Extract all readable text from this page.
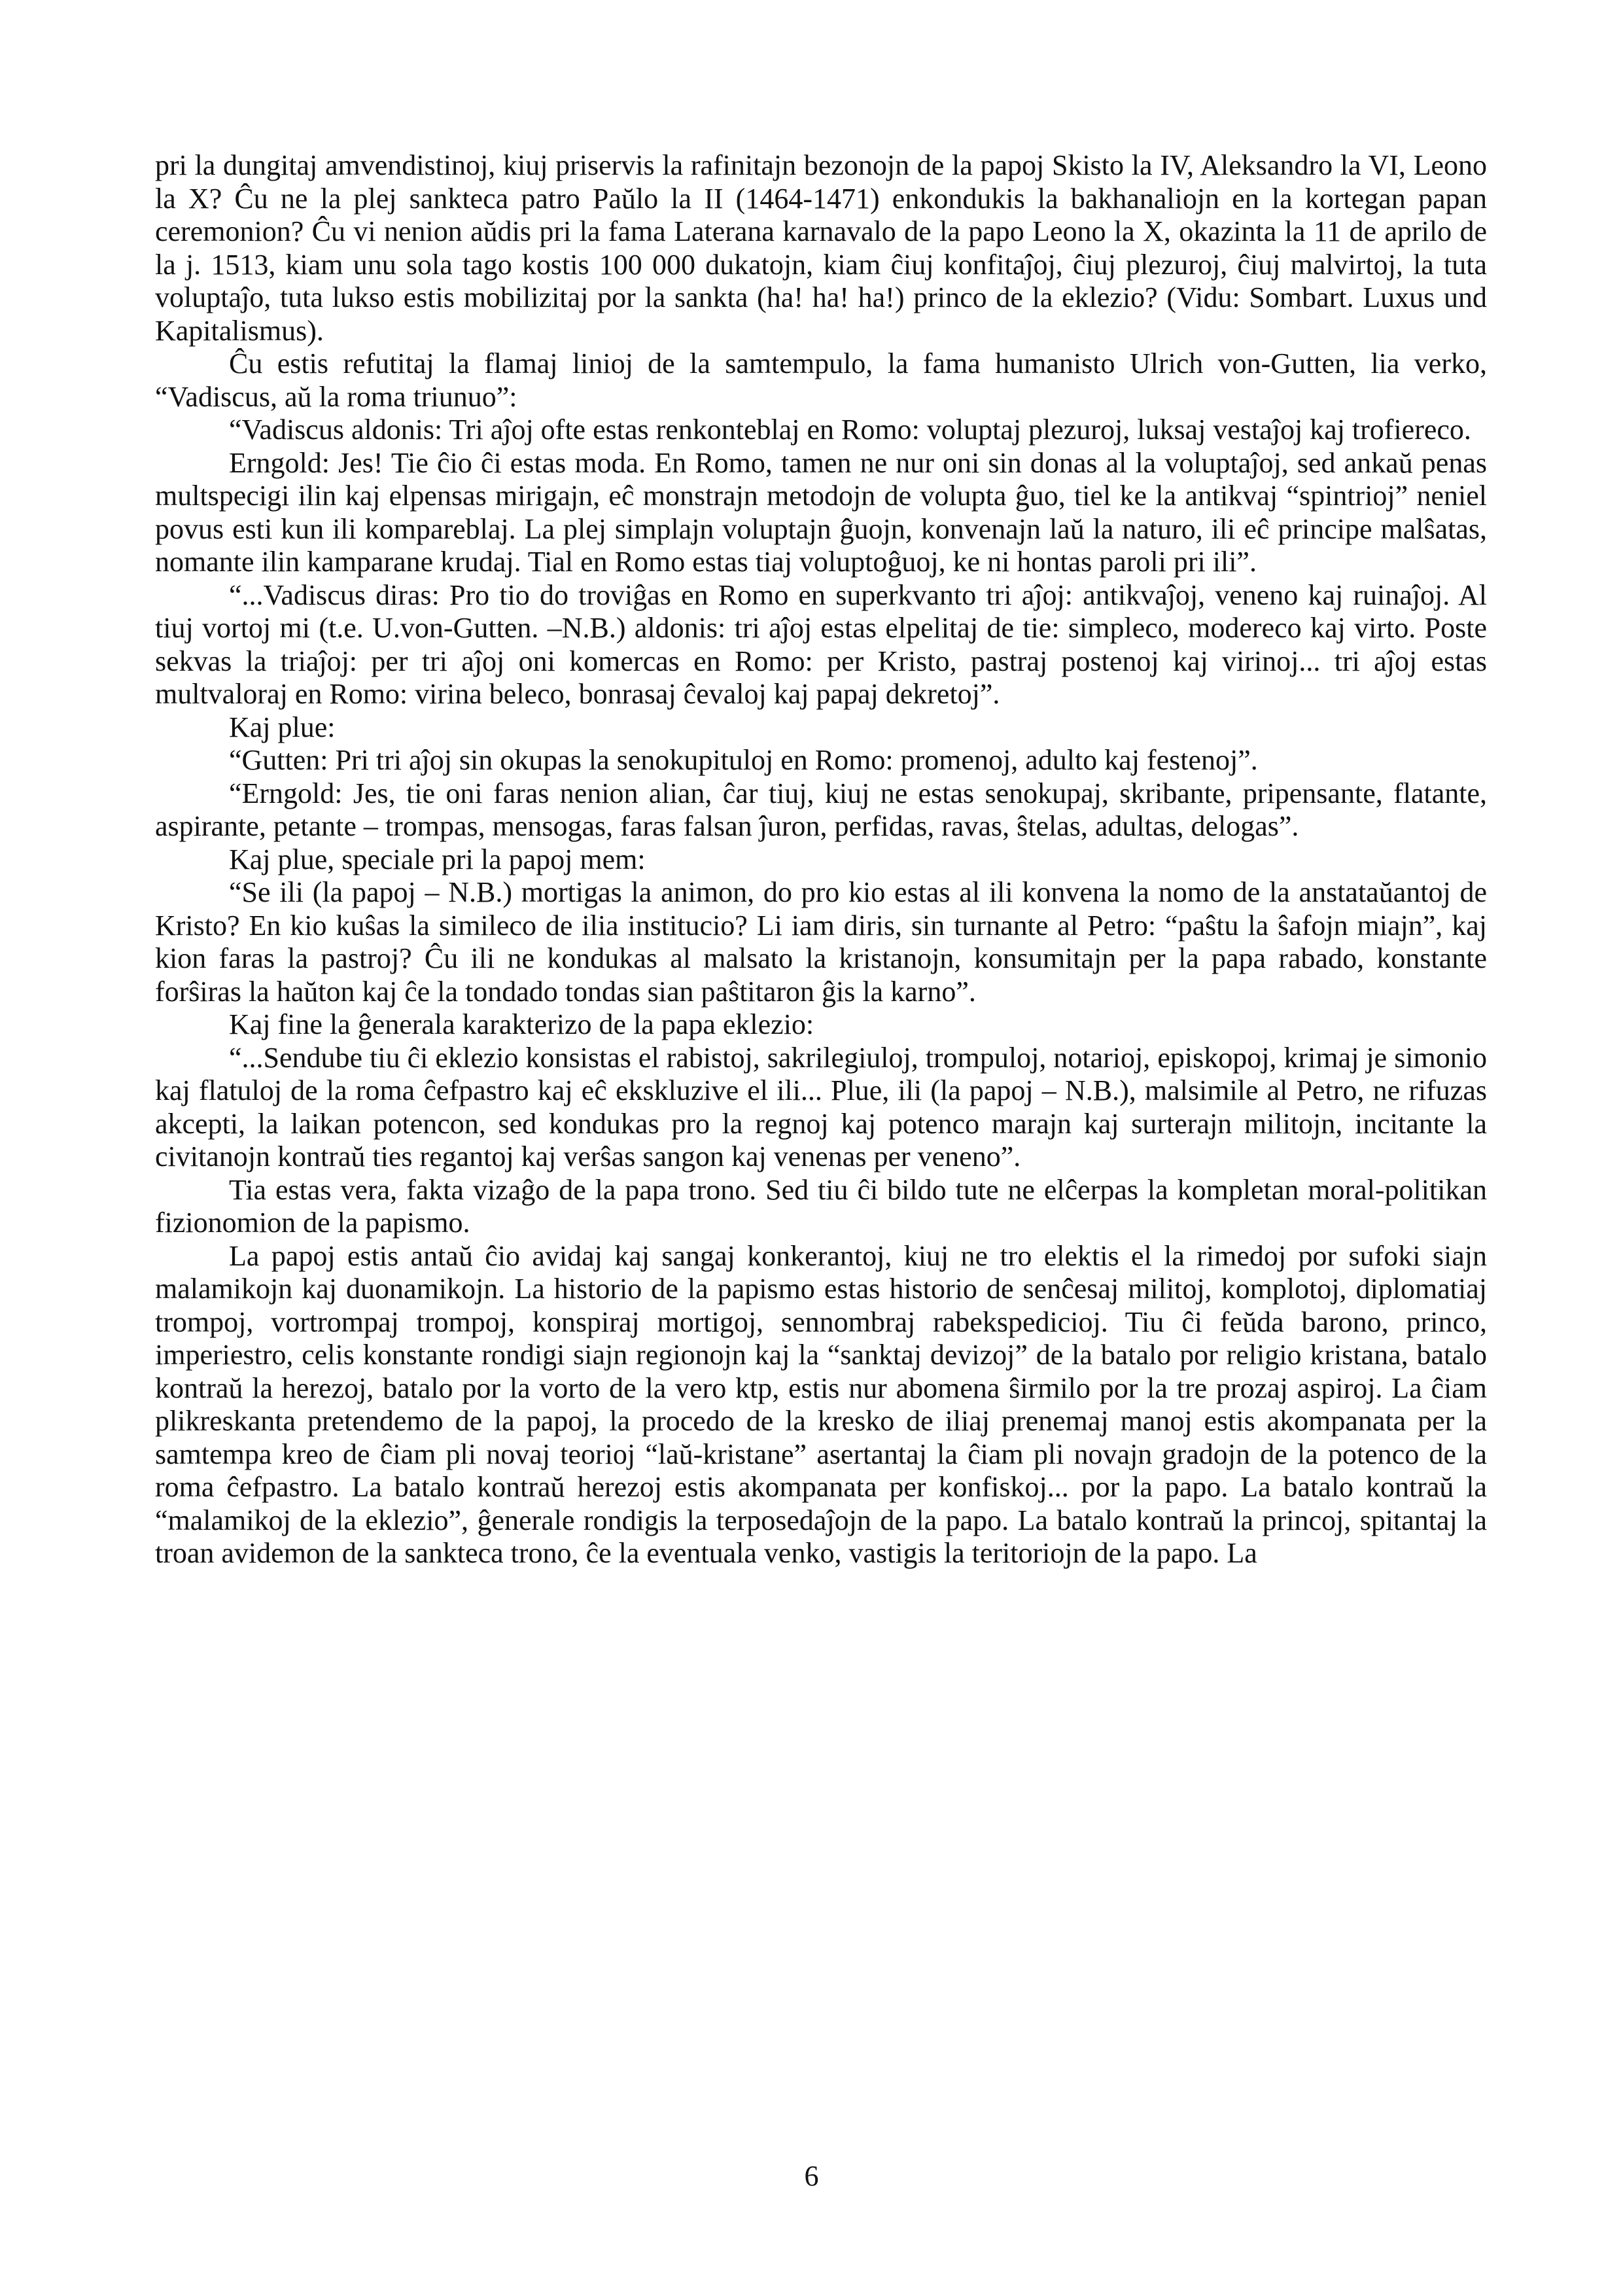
pri la dungitaj amvendistinoj, kiuj priservis la rafinitajn bezonojn de la papoj Skisto la IV, Aleksandro la VI, Leono la X? Ĉu ne la plej sankteca patro Paŭlo la II (1464-1471) enkondukis la bakhanaliojn en la kortegan papan ceremonion? Ĉu vi nenion aŭdis pri la fama Laterana karnavalo de la papo Leono la X, okazinta la 11 de aprilo de la j. 1513, kiam unu sola tago kostis 100 000 dukatojn, kiam ĉiuj konfitaĵoj, ĉiuj plezuroj, ĉiuj malvirtoj, la tuta voluptaĵo, tuta lukso estis mobilizitaj por la sankta (ha! ha! ha!) princo de la eklezio? (Vidu: Sombart. Luxus und Kapitalismus).

Ĉu estis refutitaj la flamaj linioj de la samtempulo, la fama humanisto Ulrich von-Gutten, lia verko, “Vadiscus, aŭ la roma triunuo”:

“Vadiscus aldonis: Tri aĵoj ofte estas renkonteblaj en Romo: voluptaj plezuroj, luksaj vestaĵoj kaj trofiereco.

Erngold: Jes! Tie ĉio ĉi estas moda. En Romo, tamen ne nur oni sin donas al la voluptaĵoj, sed ankaŭ penas multspecigi ilin kaj elpensas mirigajn, eĉ monstrajn metodojn de volupta ĝuo, tiel ke la antikvaj “spintrioj” neniel povus esti kun ili kompareblaj. La plej simplajn voluptajn ĝuojn, konvenajn laŭ la naturo, ili eĉ principe malŝatas, nomante ilin kamparane krudaj. Tial en Romo estas tiaj voluptoĝuoj, ke ni hontas paroli pri ili”.

“...Vadiscus diras: Pro tio do troviĝas en Romo en superkvanto tri aĵoj: antikvaĵoj, veneno kaj ruinaĵoj. Al tiuj vortoj mi (t.e. U.von-Gutten. –N.B.) aldonis: tri aĵoj estas elpelitaj de tie: simpleco, modereco kaj virto. Poste sekvas la triaĵoj: per tri aĵoj oni komercas en Romo: per Kristo, pastraj postenoj kaj virinoj... tri aĵoj estas multvaloraj en Romo: virina beleco, bonrasaj ĉevaloj kaj papaj dekretoj”.

Kaj plue:

“Gutten: Pri tri aĵoj sin okupas la senokupituloj en Romo: promenoj, adulto kaj festenoj”.

“Erngold: Jes, tie oni faras nenion alian, ĉar tiuj, kiuj ne estas senokupaj, skribante, pripensante, flatante, aspirante, petante – trompas, mensogas, faras falsan ĵuron, perfidas, ravas, ŝtelas, adultas, delogas”.

Kaj plue, speciale pri la papoj mem:

“Se ili (la papoj – N.B.) mortigas la animon, do pro kio estas al ili konvena la nomo de la anstataŭantoj de Kristo? En kio kuŝas la simileco de ilia institucio? Li iam diris, sin turnante al Petro: “paŝtu la ŝafojn miajn”, kaj kion faras la pastroj? Ĉu ili ne kondukas al malsato la kristanojn, konsumitajn per la papa rabado, konstante forŝiras la haŭton kaj ĉe la tondado tondas sian paŝtitaron ĝis la karno”.

Kaj fine la ĝenerala karakterizo de la papa eklezio:

“...Sendube tiu ĉi eklezio konsistas el rabistoj, sakrilegiuloj, trompuloj, notarioj, episkopoj, krimaj je simonio kaj flatuloj de la roma ĉefpastro kaj eĉ ekskluzive el ili... Plue, ili (la papoj – N.B.), malsimile al Petro, ne rifuzas akcepti, la laikan potencon, sed kondukas pro la regnoj kaj potenco marajn kaj surterajn militojn, incitante la civitanojn kontraŭ ties regantoj kaj verŝas sangon kaj venenas per veneno”.

Tia estas vera, fakta vizaĝo de la papa trono. Sed tiu ĉi bildo tute ne elĉerpas la kompletan moral-politikan fizionomion de la papismo.

La papoj estis antaŭ ĉio avidaj kaj sangaj konkerantoj, kiuj ne tro elektis el la rimedoj por sufoki siajn malamikojn kaj duonamikojn. La historio de la papismo estas historio de senĉesaj militoj, komplotoj, diplomatiaj trompoj, vortrompaj trompoj, konspiraj mortigoj, sennombraj rabekspedicioj. Tiu ĉi feŭda barono, princo, imperiestro, celis konstante rondigi siajn regionojn kaj la “sanktaj devizoj” de la batalo por religio kristana, batalo kontraŭ la herezoj, batalo por la vorto de la vero ktp, estis nur abomena ŝirmilo por la tre prozaj aspiroj. La ĉiam plikreskanta pretendemo de la papoj, la procedo de la kresko de iliaj prenemaj manoj estis akompanata per la samtempa kreo de ĉiam pli novaj teorioj “laŭ-kristane” asertantaj la ĉiam pli novajn gradojn de la potenco de la roma ĉefpastro. La batalo kontraŭ herezoj estis akompanata per konfiskoj... por la papo. La batalo kontraŭ la “malamikoj de la eklezio”, ĝenerale rondigis la terposedaĵojn de la papo. La batalo kontraŭ la princoj, spitantaj la troan avidemon de la sankteca trono, ĉe la eventuala venko, vastigis la teritoriojn de la papo. La

6
